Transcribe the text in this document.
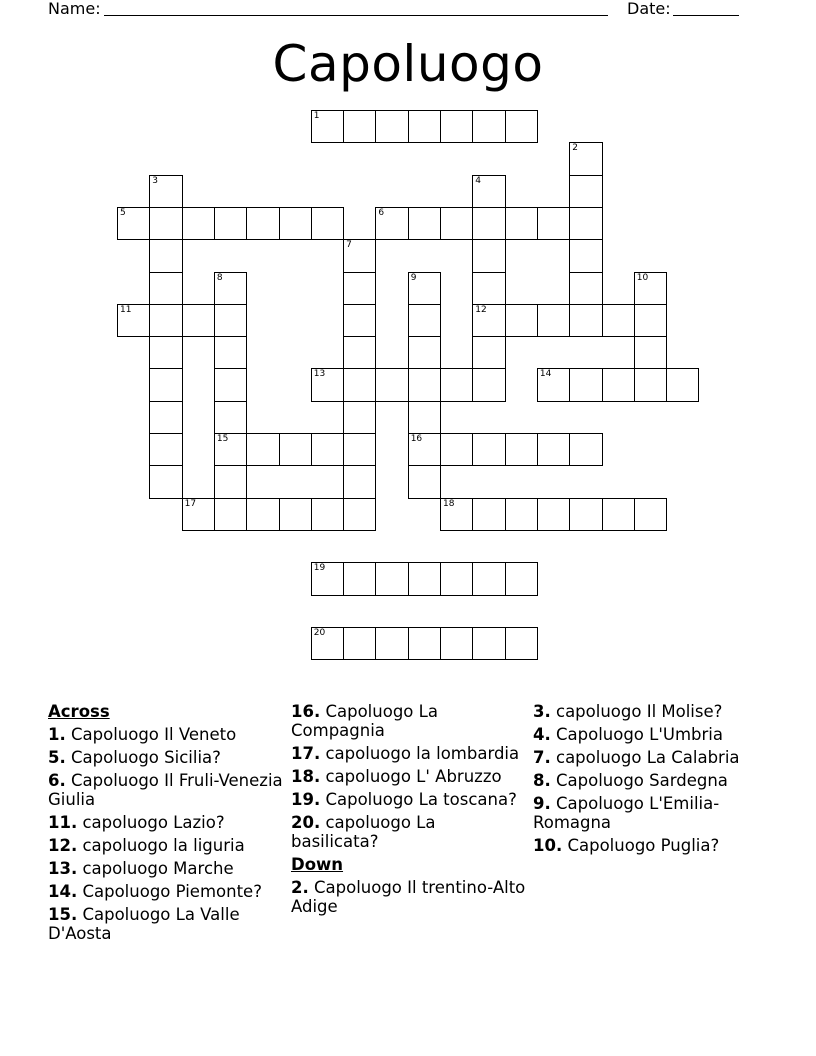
Name:	Date:
Capoluogo
1
2
3	4
12
5	6
7
8
15
9
16
10
11
13	14
17	18
19
20
Across
1. Capoluogo Il Veneto
5. Capoluogo Sicilia?
6. Capoluogo Il Fruli-Venezia Giulia
11. capoluogo Lazio?
12. capoluogo la liguria
13. capoluogo Marche
14. Capoluogo Piemonte?
15. Capoluogo La Valle D'Aosta
16. Capoluogo La Compagnia
17. capoluogo la lombardia
18. capoluogo L' Abruzzo
19. Capoluogo La toscana?
20. capoluogo La basilicata?
Down
2. Capoluogo Il trentino-Alto Adige
3. capoluogo Il Molise?
4. Capoluogo L'Umbria
7. capoluogo La Calabria
8. Capoluogo Sardegna
9. Capoluogo L'Emilia-Romagna
10. Capoluogo Puglia?
